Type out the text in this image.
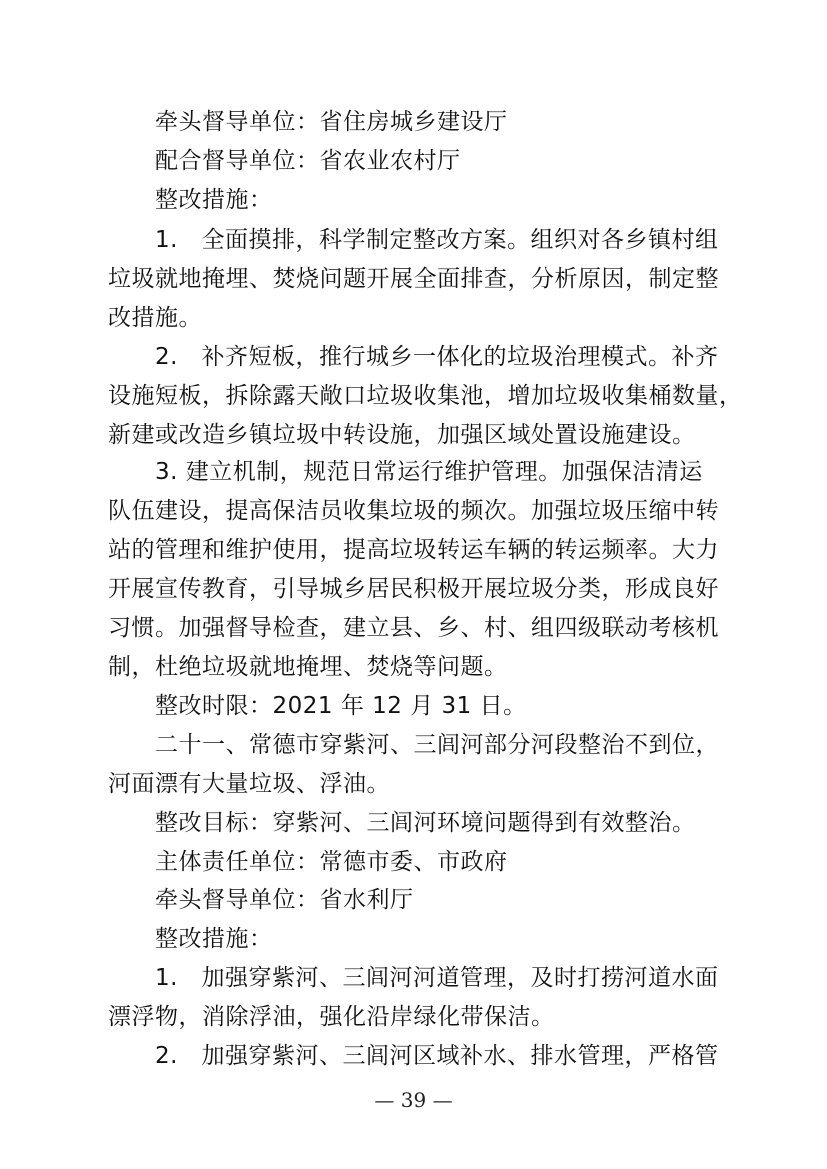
牵头督导单位：省住房城乡建设厅
配合督导单位：省农业农村厅
整改措施：
1.　全面摸排，科学制定整改方案。组织对各乡镇村组
垃圾就地掩埋、焚烧问题开展全面排查，分析原因，制定整
改措施。
2.　补齐短板，推行城乡一体化的垃圾治理模式。补齐
设施短板，拆除露天敞口垃圾收集池，增加垃圾收集桶数量，
新建或改造乡镇垃圾中转设施，加强区域处置设施建设。
3. 建立机制，规范日常运行维护管理。加强保洁清运
队伍建设，提高保洁员收集垃圾的频次。加强垃圾压缩中转
站的管理和维护使用，提高垃圾转运车辆的转运频率。大力
开展宣传教育，引导城乡居民积极开展垃圾分类，形成良好
习惯。加强督导检查，建立县、乡、村、组四级联动考核机
制，杜绝垃圾就地掩埋、焚烧等问题。
整改时限：2021 年 12 月 31 日。
二十一、常德市穿紫河、三闾河部分河段整治不到位，
河面漂有大量垃圾、浮油。
整改目标：穿紫河、三闾河环境问题得到有效整治。
主体责任单位：常德市委、市政府
牵头督导单位：省水利厅
整改措施：
1.　加强穿紫河、三闾河河道管理，及时打捞河道水面
漂浮物，消除浮油，强化沿岸绿化带保洁。
2.　加强穿紫河、三闾河区域补水、排水管理，严格管
— 39 —
